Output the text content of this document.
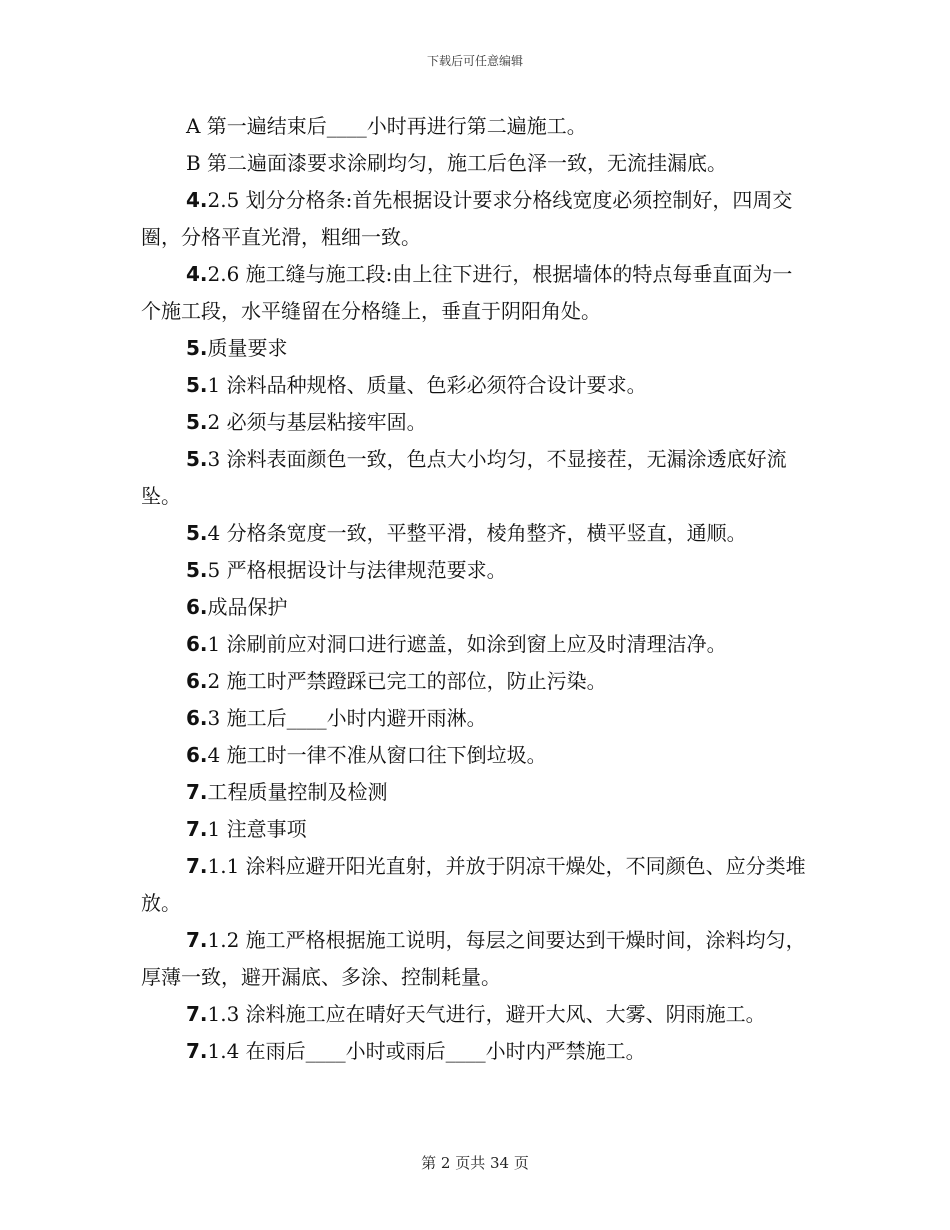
下载后可任意编辑

A 第一遍结束后____小时再进行第二遍施工。

B 第二遍面漆要求涂刷均匀，施工后色泽一致，无流挂漏底。

4.2.5 划分分格条:首先根据设计要求分格线宽度必须控制好，四周交圈，分格平直光滑，粗细一致。

4.2.6 施工缝与施工段:由上往下进行，根据墙体的特点每垂直面为一个施工段，水平缝留在分格缝上，垂直于阴阳角处。

5.质量要求

5.1 涂料品种规格、质量、色彩必须符合设计要求。

5.2 必须与基层粘接牢固。

5.3 涂料表面颜色一致，色点大小均匀，不显接茬，无漏涂透底好流坠。

5.4 分格条宽度一致，平整平滑，棱角整齐，横平竖直，通顺。

5.5 严格根据设计与法律规范要求。

6.成品保护

6.1 涂刷前应对洞口进行遮盖，如涂到窗上应及时清理洁净。

6.2 施工时严禁蹬踩已完工的部位，防止污染。

6.3 施工后____小时内避开雨淋。

6.4 施工时一律不准从窗口往下倒垃圾。

7.工程质量控制及检测

7.1 注意事项

7.1.1 涂料应避开阳光直射，并放于阴凉干燥处，不同颜色、应分类堆放。

7.1.2 施工严格根据施工说明，每层之间要达到干燥时间，涂料均匀，厚薄一致，避开漏底、多涂、控制耗量。

7.1.3 涂料施工应在晴好天气进行，避开大风、大雾、阴雨施工。

7.1.4 在雨后____小时或雨后____小时内严禁施工。

第 2 页共 34 页
